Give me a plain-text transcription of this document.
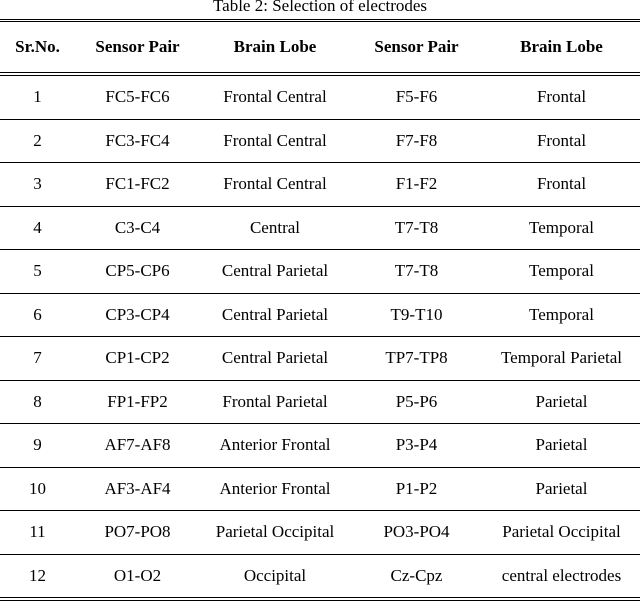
Table 2: Selection of electrodes
Sr.No.	Sensor Pair	Brain Lobe	Sensor Pair	Brain Lobe
1	FC5-FC6	Frontal Central	F5-F6	Frontal
2	FC3-FC4	Frontal Central	F7-F8	Frontal
3	FC1-FC2	Frontal Central	F1-F2	Frontal
4	C3-C4	Central	T7-T8	Temporal
5	CP5-CP6	Central Parietal	T7-T8	Temporal
6	CP3-CP4	Central Parietal	T9-T10	Temporal
7	CP1-CP2	Central Parietal	TP7-TP8	Temporal Parietal
8	FP1-FP2	Frontal Parietal	P5-P6	Parietal
9	AF7-AF8	Anterior Frontal	P3-P4	Parietal
10	AF3-AF4	Anterior Frontal	P1-P2	Parietal
11	PO7-PO8	Parietal Occipital	PO3-PO4	Parietal Occipital
12	O1-O2	Occipital	Cz-Cpz	central electrodes
